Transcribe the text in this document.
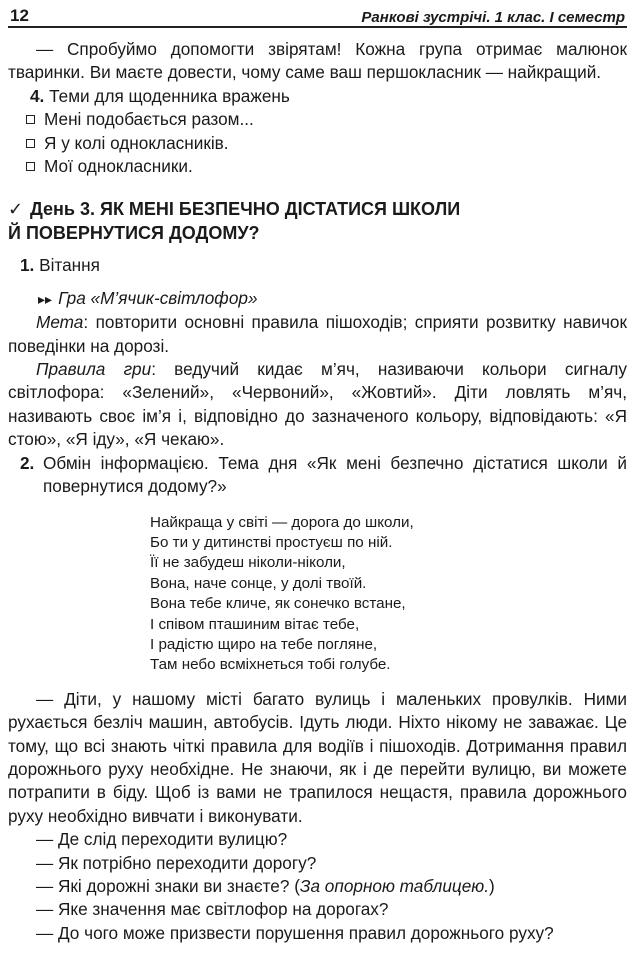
12	Ранкові зустрічі. 1 клас. I семестр

— Спробуймо допомогти звірятам! Кожна група отримає малюнок тваринки. Ви маєте довести, чому саме ваш першокласник — найкращий.

4. Теми для щоденника вражень

Мені подобається разом...
Я у колі однокласників.
Мої однокласники.
✓ День 3. ЯК МЕНІ БЕЗПЕЧНО ДІСТАТИСЯ ШКОЛИ
Й ПОВЕРНУТИСЯ ДОДОМУ?

1. Вітання

▸▸ Гра «М’ячик-світлофор»

Мета: повторити основні правила пішоходів; сприяти розвитку навичок поведінки на дорозі.

Правила гри: ведучий кидає м’яч, називаючи кольори сигналу світлофора: «Зелений», «Червоний», «Жовтий». Діти ловлять м’яч, називають своє ім’я і, відповідно до зазначеного кольору, відповідають: «Я стою», «Я іду», «Я чекаю».

2. Обмін інформацією. Тема дня «Як мені безпечно дістатися школи й повернутися додому?»
Найкраща у світі — дорога до школи,
Бо ти у дитинстві простуєш по ній.
Її не забудеш ніколи-ніколи,
Вона, наче сонце, у долі твоїй.
Вона тебе кличе, як сонечко встане,
І співом пташиним вітає тебе,
І радістю щиро на тебе поглянe,
Там небо всміхнеться тобі голубе.

— Діти, у нашому місті багато вулиць і маленьких провулків. Ними рухається безліч машин, автобусів. Ідуть люди. Ніхто нікому не заважає. Це тому, що всі знають чіткі правила для водіїв і пішоходів. Дотримання правил дорожнього руху необхідне. Не знаючи, як і де перейти вулицю, ви можете потрапити в біду. Щоб із вами не трапилося нещастя, правила дорожнього руху необхідно вивчати і виконувати.

— Де слід переходити вулицю?

— Як потрібно переходити дорогу?

— Які дорожні знаки ви знаєте? (За опорною таблицею.)

— Яке значення має світлофор на дорогах?

— До чого може призвести порушення правил дорожнього руху?
